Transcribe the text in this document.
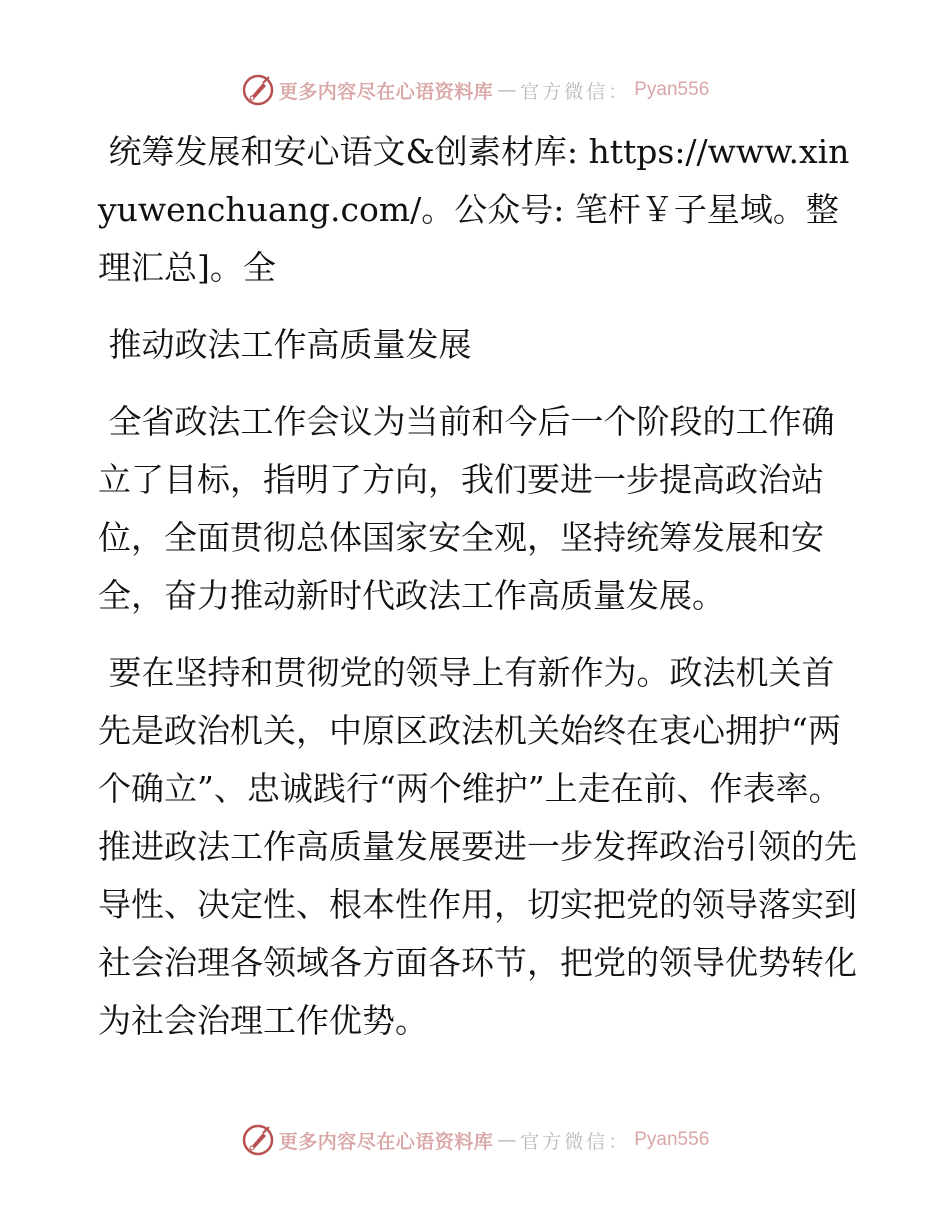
更多内容尽在心语资料库 — 官方微信： Pyan556

统筹发展和安心语文&创素材库: https://www.xinyuwenchuang.com/。公众号: 笔杆￥子星域。整理汇总]。全

推动政法工作高质量发展

全省政法工作会议为当前和今后一个阶段的工作确立了目标，指明了方向，我们要进一步提高政治站位，全面贯彻总体国家安全观，坚持统筹发展和安全，奋力推动新时代政法工作高质量发展。

要在坚持和贯彻党的领导上有新作为。政法机关首先是政治机关，中原区政法机关始终在衷心拥护“两个确立”、忠诚践行“两个维护”上走在前、作表率。推进政法工作高质量发展要进一步发挥政治引领的先导性、决定性、根本性作用，切实把党的领导落实到社会治理各领域各方面各环节，把党的领导优势转化为社会治理工作优势。

更多内容尽在心语资料库 — 官方微信： Pyan556
